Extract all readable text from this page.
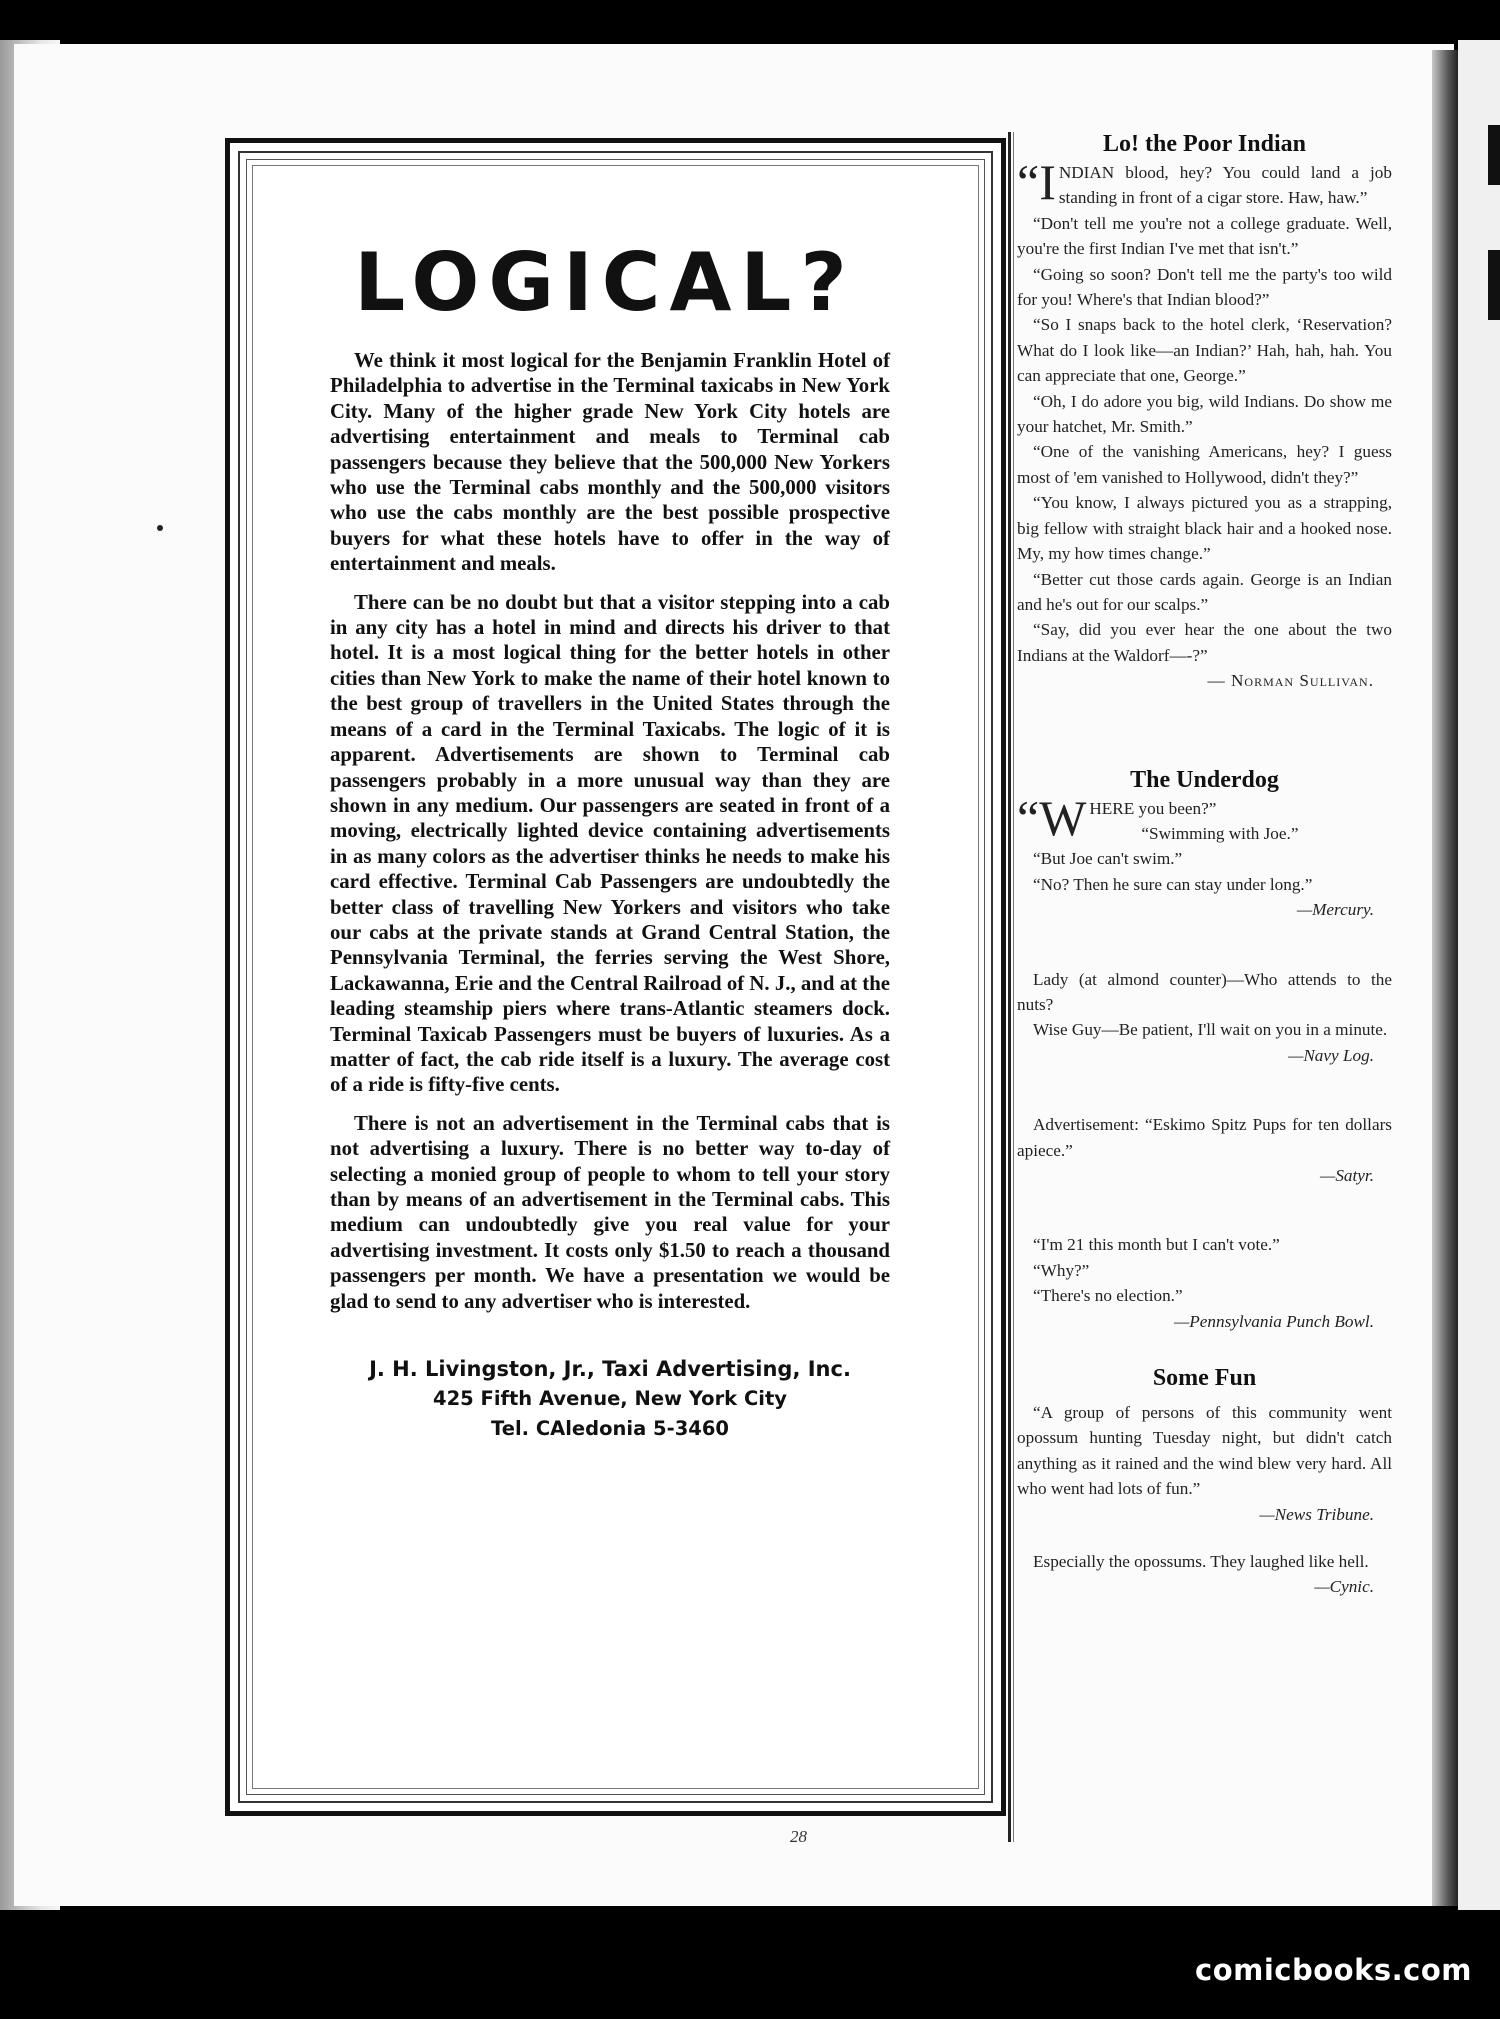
LOGICAL?

We think it most logical for the Benjamin Franklin Hotel of Philadelphia to advertise in the Terminal taxicabs in New York City. Many of the higher grade New York City hotels are advertising entertainment and meals to Terminal cab passengers because they believe that the 500,000 New Yorkers who use the Terminal cabs monthly and the 500,000 visitors who use the cabs monthly are the best possible prospective buyers for what these hotels have to offer in the way of entertainment and meals.

There can be no doubt but that a visitor stepping into a cab in any city has a hotel in mind and directs his driver to that hotel. It is a most logical thing for the better hotels in other cities than New York to make the name of their hotel known to the best group of travellers in the United States through the means of a card in the Terminal Taxicabs. The logic of it is apparent. Advertisements are shown to Terminal cab passengers probably in a more unusual way than they are shown in any medium. Our passengers are seated in front of a moving, electrically lighted device containing advertisements in as many colors as the advertiser thinks he needs to make his card effective. Terminal Cab Passengers are undoubtedly the better class of travelling New Yorkers and visitors who take our cabs at the private stands at Grand Central Station, the Pennsylvania Terminal, the ferries serving the West Shore, Lackawanna, Erie and the Central Railroad of N. J., and at the leading steamship piers where trans-Atlantic steamers dock. Terminal Taxicab Passengers must be buyers of luxuries. As a matter of fact, the cab ride itself is a luxury. The average cost of a ride is fifty-five cents.

There is not an advertisement in the Terminal cabs that is not advertising a luxury. There is no better way to-day of selecting a monied group of people to whom to tell your story than by means of an advertisement in the Terminal cabs. This medium can undoubtedly give you real value for your advertising investment. It costs only $1.50 to reach a thousand passengers per month. We have a presentation we would be glad to send to any advertiser who is interested.

J. H. Livingston, Jr., Taxi Advertising, Inc.
425 Fifth Avenue, New York City
Tel. CAledonia 5-3460
Lo! the Poor Indian
“INDIAN blood, hey? You could land a job standing in front of a cigar store. Haw, haw.”
“Don't tell me you're not a college graduate. Well, you're the first Indian I've met that isn't.”
“Going so soon? Don't tell me the party's too wild for you! Where's that Indian blood?”
“So I snaps back to the hotel clerk, ‘Reservation? What do I look like—an Indian?’ Hah, hah, hah. You can appreciate that one, George.”
“Oh, I do adore you big, wild Indians. Do show me your hatchet, Mr. Smith.”
“One of the vanishing Americans, hey? I guess most of 'em vanished to Hollywood, didn't they?”
“You know, I always pictured you as a strapping, big fellow with straight black hair and a hooked nose. My, my how times change.”
“Better cut those cards again. George is an Indian and he's out for our scalps.”
“Say, did you ever hear the one about the two Indians at the Waldorf—-?”
— Norman Sullivan.
The Underdog
“WHERE you been?”
“Swimming with Joe.”
“But Joe can't swim.”
“No? Then he sure can stay under long.”
—Mercury.
Lady (at almond counter)—Who attends to the nuts?
Wise Guy—Be patient, I'll wait on you in a minute.
—Navy Log.
Advertisement: “Eskimo Spitz Pups for ten dollars apiece.”
—Satyr.
“I'm 21 this month but I can't vote.”
“Why?”
“There's no election.”
—Pennsylvania Punch Bowl.
Some Fun
“A group of persons of this community went opossum hunting Tuesday night, but didn't catch anything as it rained and the wind blew very hard. All who went had lots of fun.”
—News Tribune.
Especially the opossums. They laughed like hell.
—Cynic.
28
comicbooks.com
